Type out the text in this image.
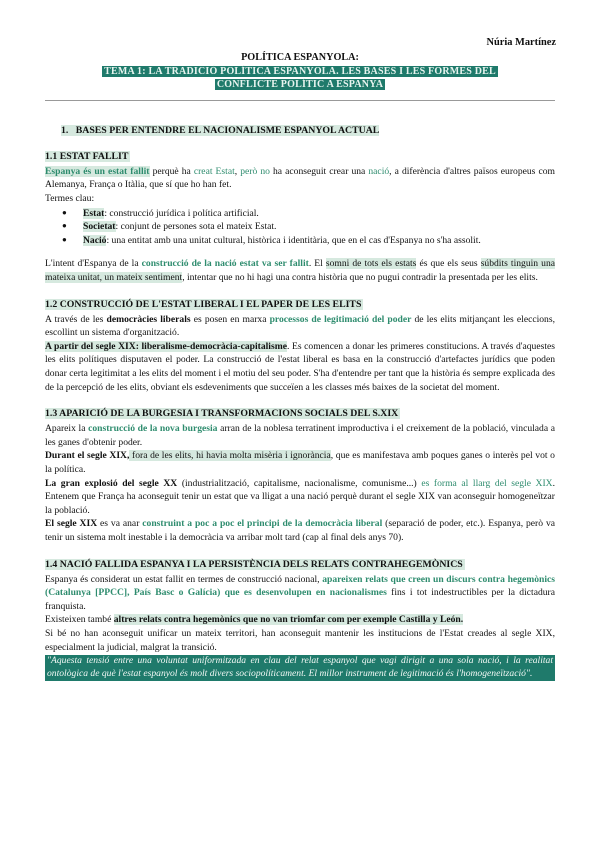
Núria Martínez
POLÍTICA ESPANYOLA:
TEMA 1: LA TRADICIÓ POLÍTICA ESPANYOLA. LES BASES I LES FORMES DEL
CONFLICTE POLÍTIC A ESPANYA
1. BASES PER ENTENDRE EL NACIONALISME ESPANYOL ACTUAL
1.1 ESTAT FALLIT

Espanya és un estat fallit perquè ha creat Estat, però no ha aconseguit crear una nació, a diferència d'altres països europeus com Alemanya, França o Itàlia, que sí que ho han fet.

Termes clau:

● Estat: construcció jurídica i política artificial.
● Societat: conjunt de persones sota el mateix Estat.
● Nació: una entitat amb una unitat cultural, històrica i identitària, que en el cas d'Espanya no s'ha assolit.

L'intent d'Espanya de la construcció de la nació estat va ser fallit. El somni de tots els estats és que els seus súbdits tinguin una mateixa unitat, un mateix sentiment, intentar que no hi hagi una contra història que no pugui contradir la presentada per les elits.

1.2 CONSTRUCCIÓ DE L'ESTAT LIBERAL I EL PAPER DE LES ELITS

A través de les democràcies liberals es posen en marxa processos de legitimació del poder de les elits mitjançant les eleccions, escollint un sistema d'organització.

A partir del segle XIX: liberalisme-democràcia-capitalisme. Es comencen a donar les primeres constitucions. A través d'aquestes les elits polítiques disputaven el poder. La construcció de l'estat liberal es basa en la construcció d'artefactes jurídics que poden donar certa legitimitat a les elits del moment i el motiu del seu poder. S'ha d'entendre per tant que la història és sempre explicada des de la percepció de les elits, obviant els esdeveniments que succeïen a les classes més baixes de la societat del moment.

1.3 APARICIÓ DE LA BURGESIA I TRANSFORMACIONS SOCIALS DEL S.XIX

Apareix la construcció de la nova burgesia arran de la noblesa terratinent improductiva i el creixement de la població, vinculada a les ganes d'obtenir poder.

Durant el segle XIX, fora de les elits, hi havia molta misèria i ignorància, que es manifestava amb poques ganes o interès pel vot o la política.

La gran explosió del segle XX (industrialització, capitalisme, nacionalisme, comunisme...) es forma al llarg del segle XIX. Entenem que França ha aconseguit tenir un estat que va lligat a una nació perquè durant el segle XIX van aconseguir homogeneïtzar la població.

El segle XIX es va anar construint a poc a poc el principi de la democràcia liberal (separació de poder, etc.). Espanya, però va tenir un sistema molt inestable i la democràcia va arribar molt tard (cap al final dels anys 70).

1.4 NACIÓ FALLIDA ESPANYA I LA PERSISTÈNCIA DELS RELATS CONTRAHEGEMÒNICS

Espanya és considerat un estat fallit en termes de construcció nacional, apareixen relats que creen un discurs contra hegemònics (Catalunya [PPCC], País Basc o Galícia) que es desenvolupen en nacionalismes fins i tot indestructibles per la dictadura franquista.

Existeixen també altres relats contra hegemònics que no van triomfar com per exemple Castilla y León.

Si bé no han aconseguit unificar un mateix territori, han aconseguit mantenir les institucions de l'Estat creades al segle XIX, especialment la judicial, malgrat la transició.

"Aquesta tensió entre una voluntat uniformitzada en clau del relat espanyol que vagi dirigit a una sola nació, i la realitat ontològica de què l'estat espanyol és molt divers sociopolíticament. El millor instrument de legitimació és l'homogeneïtzació".
